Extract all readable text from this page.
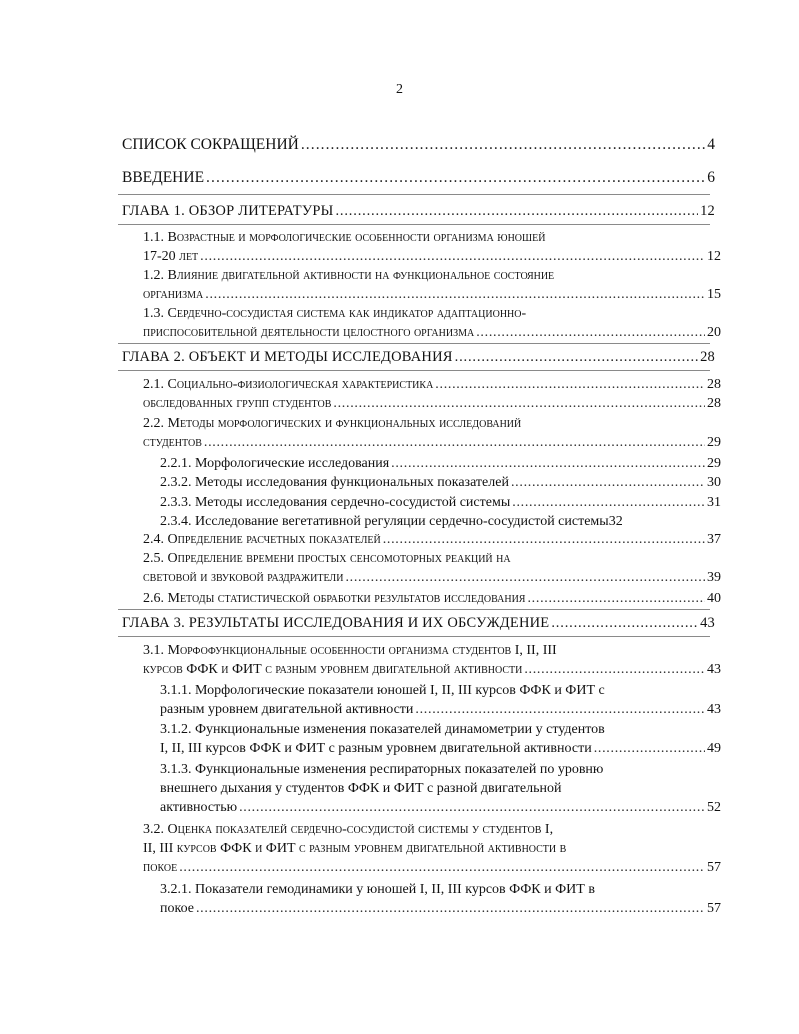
2
СПИСОК СОКРАЩЕНИЙ . . .	4
ВВЕДЕНИЕ . . .	6
ГЛАВА 1. ОБЗОР ЛИТЕРАТУРЫ . . .	12
1.1. Возрастные и морфологические особенности организма юношей
17-20 лет . . .	12
1.2. Влияние двигательной активности на функциональное состояние
организма . . .	15
1.3. Сердечно-сосудистая система как индикатор адаптационно-
приспособительной деятельности целостного организма . . .	20
ГЛАВА 2. ОБЪЕКТ И МЕТОДЫ ИССЛЕДОВАНИЯ . . .	28
2.1. Социально-физиологическая характеристика . . .	28
обследованных групп студентов . . .	28
2.2. Методы морфологических и функциональных исследований
студентов . . .	29
2.2.1. Морфологические исследования . . .	29
2.3.2. Методы исследования функциональных показателей . . .	30
2.3.3. Методы исследования сердечно-сосудистой системы . . .	31
2.3.4. Исследование вегетативной регуляции сердечно-сосудистой системы32
2.4. Определение расчетных показателей . . .	37
2.5. Определение времени простых сенсомоторных реакций на
световой и звуковой раздражители . . .	39
2.6. Методы статистической обработки результатов исследования . . .	40
ГЛАВА 3. РЕЗУЛЬТАТЫ ИССЛЕДОВАНИЯ И ИХ ОБСУЖДЕНИЕ . . .	43
3.1. Морфофункциональные особенности организма студентов I, II, III
курсов ФФК и ФИТ с разным уровнем двигательной активности . . .	43
3.1.1. Морфологические показатели юношей I, II, III курсов ФФК и ФИТ с
разным уровнем двигательной активности . . .	43
3.1.2. Функциональные изменения показателей динамометрии у студентов
I, II, III курсов ФФК и ФИТ с разным уровнем двигательной активности . . .	49
3.1.3. Функциональные изменения респираторных показателей по уровню
внешнего дыхания у студентов ФФК и ФИТ с разной двигательной
активностью . . .	52
3.2. Оценка показателей сердечно-сосудистой системы у студентов I,
II, III курсов ФФК и ФИТ с разным уровнем двигательной активности в
покое . . .	57
3.2.1. Показатели гемодинамики у юношей I, II, III курсов ФФК и ФИТ в
покое . . .	57
